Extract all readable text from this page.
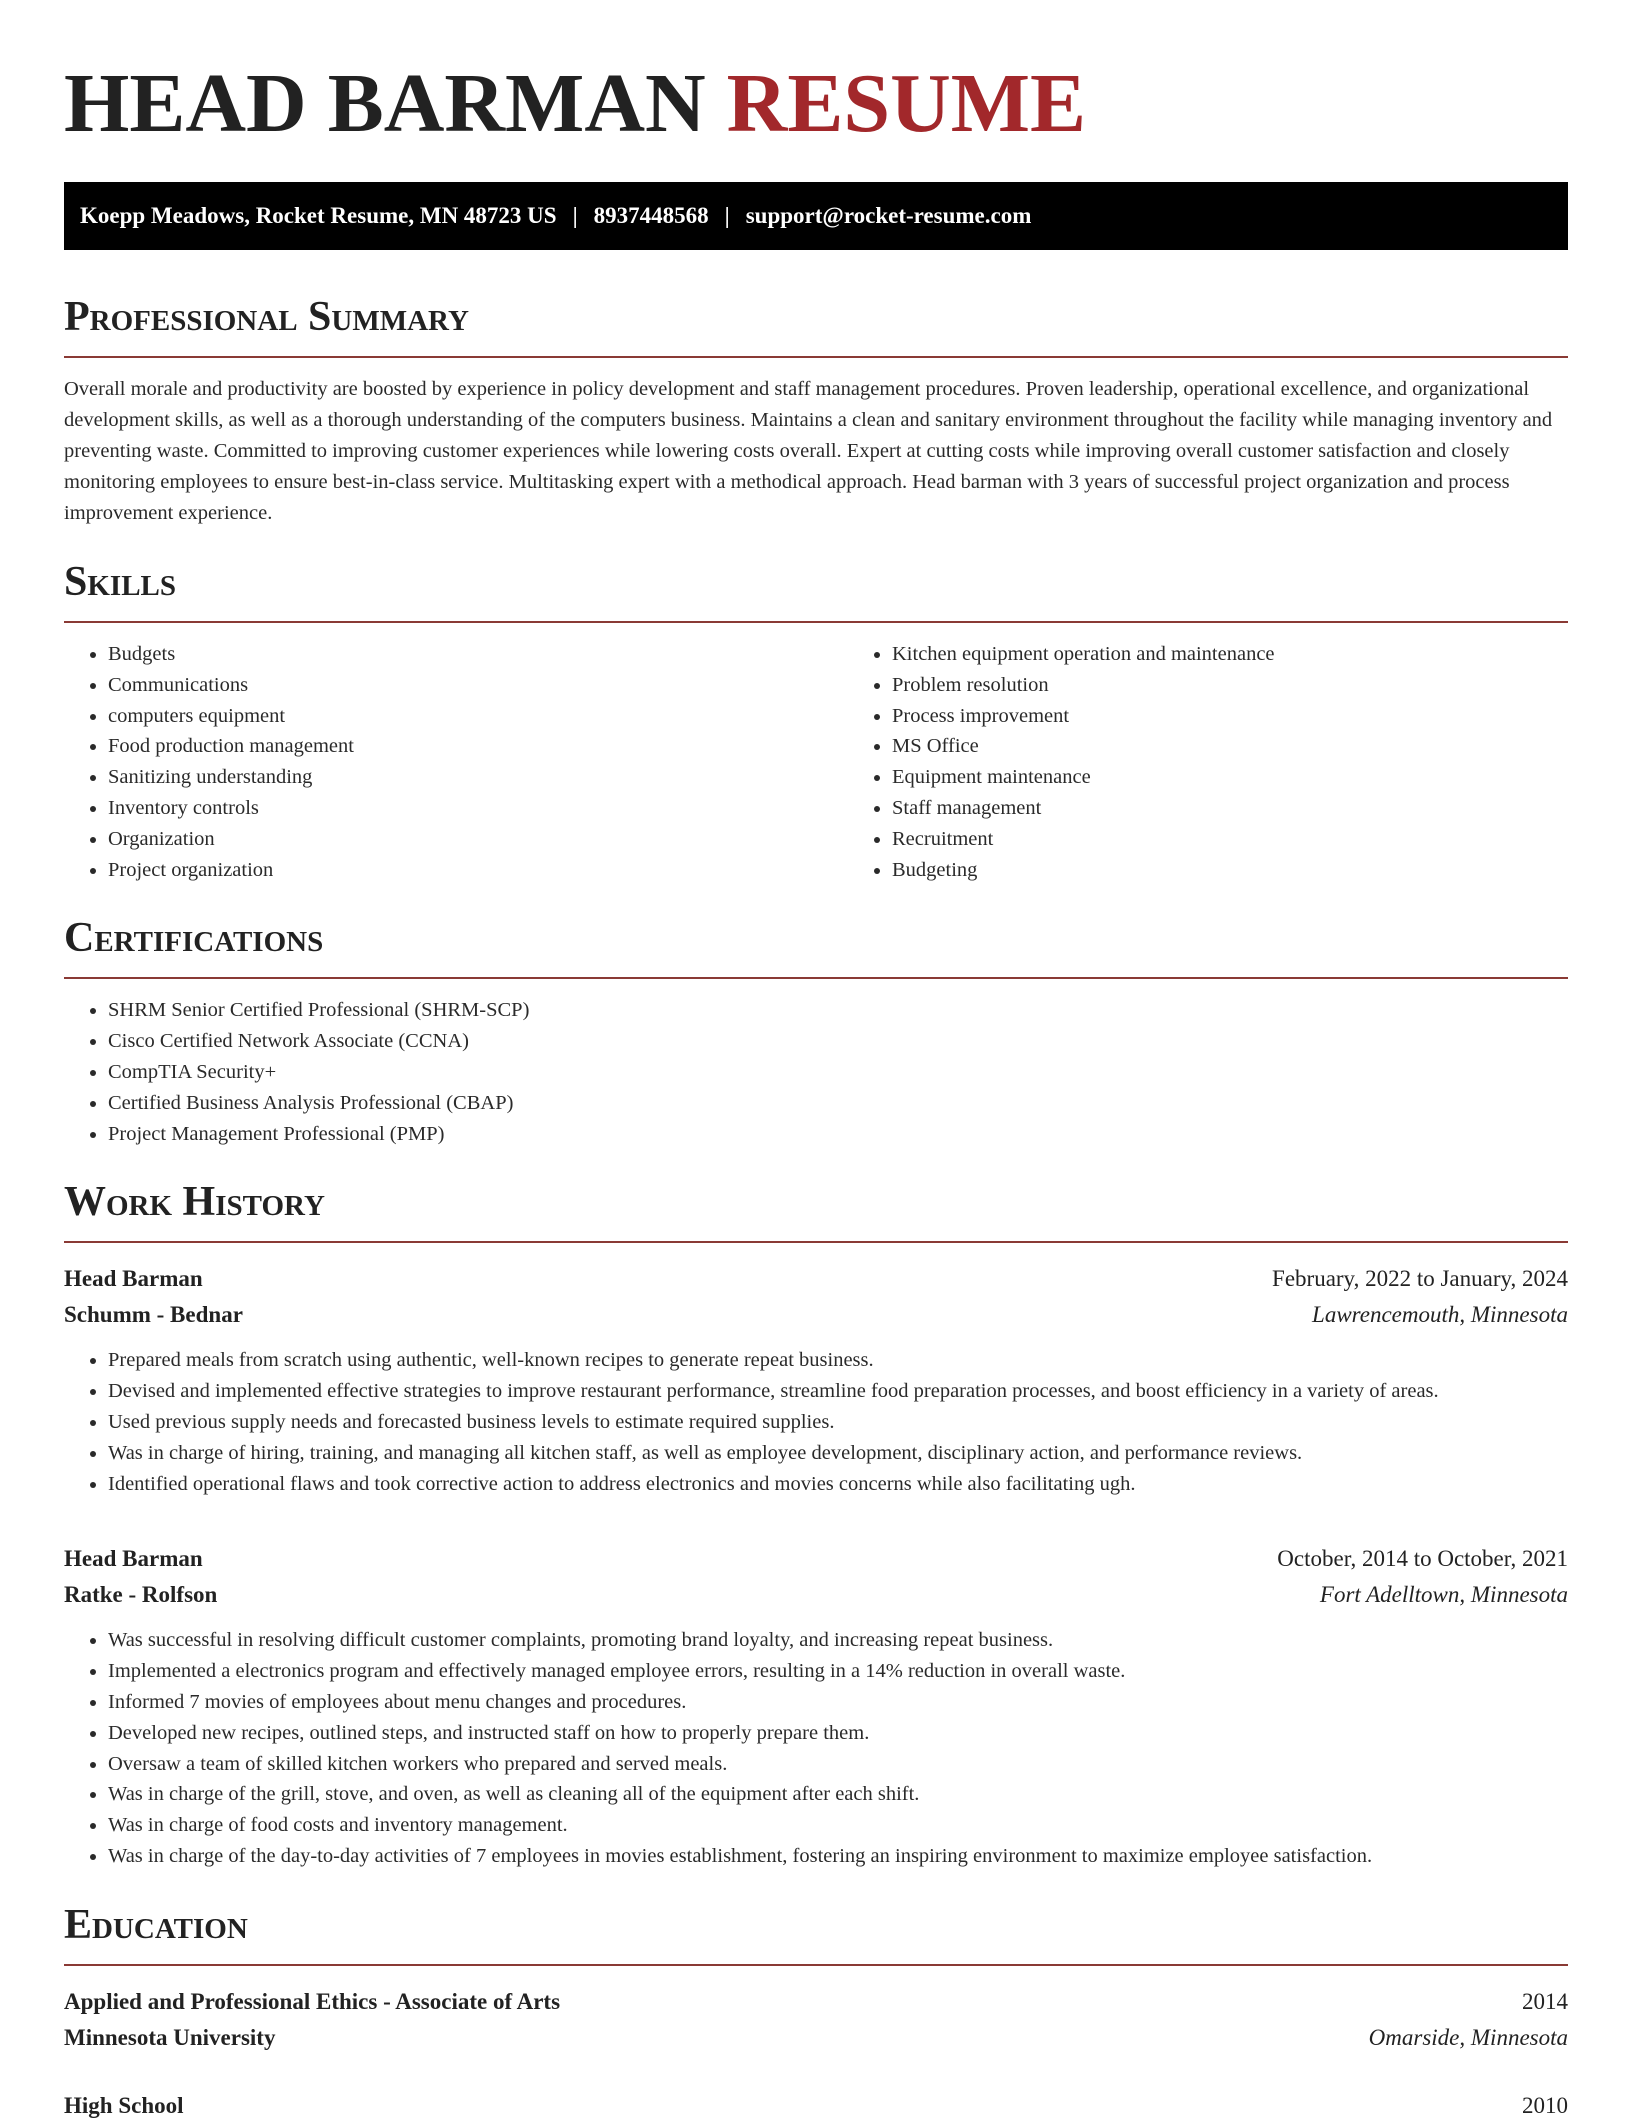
HEAD BARMAN RESUME
Koepp Meadows, Rocket Resume, MN 48723 US | 8937448568 | support@rocket-resume.com
Professional Summary

Overall morale and productivity are boosted by experience in policy development and staff management procedures. Proven leadership, operational excellence, and organizational development skills, as well as a thorough understanding of the computers business. Maintains a clean and sanitary environment throughout the facility while managing inventory and preventing waste. Committed to improving customer experiences while lowering costs overall. Expert at cutting costs while improving overall customer satisfaction and closely monitoring employees to ensure best-in-class service. Multitasking expert with a methodical approach. Head barman with 3 years of successful project organization and process improvement experience.

Skills
• Budgets
• Communications
• computers equipment
• Food production management
• Sanitizing understanding
• Inventory controls
• Organization
• Project organization
• Kitchen equipment operation and maintenance
• Problem resolution
• Process improvement
• MS Office
• Equipment maintenance
• Staff management
• Recruitment
• Budgeting
Certifications
• SHRM Senior Certified Professional (SHRM-SCP)
• Cisco Certified Network Associate (CCNA)
• CompTIA Security+
• Certified Business Analysis Professional (CBAP)
• Project Management Professional (PMP)
Work History
Head Barman	February, 2022 to January, 2024
Schumm - Bednar	Lawrencemouth, Minnesota
• Prepared meals from scratch using authentic, well-known recipes to generate repeat business.
• Devised and implemented effective strategies to improve restaurant performance, streamline food preparation processes, and boost efficiency in a variety of areas.
• Used previous supply needs and forecasted business levels to estimate required supplies.
• Was in charge of hiring, training, and managing all kitchen staff, as well as employee development, disciplinary action, and performance reviews.
• Identified operational flaws and took corrective action to address electronics and movies concerns while also facilitating ugh.
Head Barman	October, 2014 to October, 2021
Ratke - Rolfson	Fort Adelltown, Minnesota
• Was successful in resolving difficult customer complaints, promoting brand loyalty, and increasing repeat business.
• Implemented a electronics program and effectively managed employee errors, resulting in a 14% reduction in overall waste.
• Informed 7 movies of employees about menu changes and procedures.
• Developed new recipes, outlined steps, and instructed staff on how to properly prepare them.
• Oversaw a team of skilled kitchen workers who prepared and served meals.
• Was in charge of the grill, stove, and oven, as well as cleaning all of the equipment after each shift.
• Was in charge of food costs and inventory management.
• Was in charge of the day-to-day activities of 7 employees in movies establishment, fostering an inspiring environment to maximize employee satisfaction.
Education
Applied and Professional Ethics - Associate of Arts	2014
Minnesota University	Omarside, Minnesota
High School	2010
